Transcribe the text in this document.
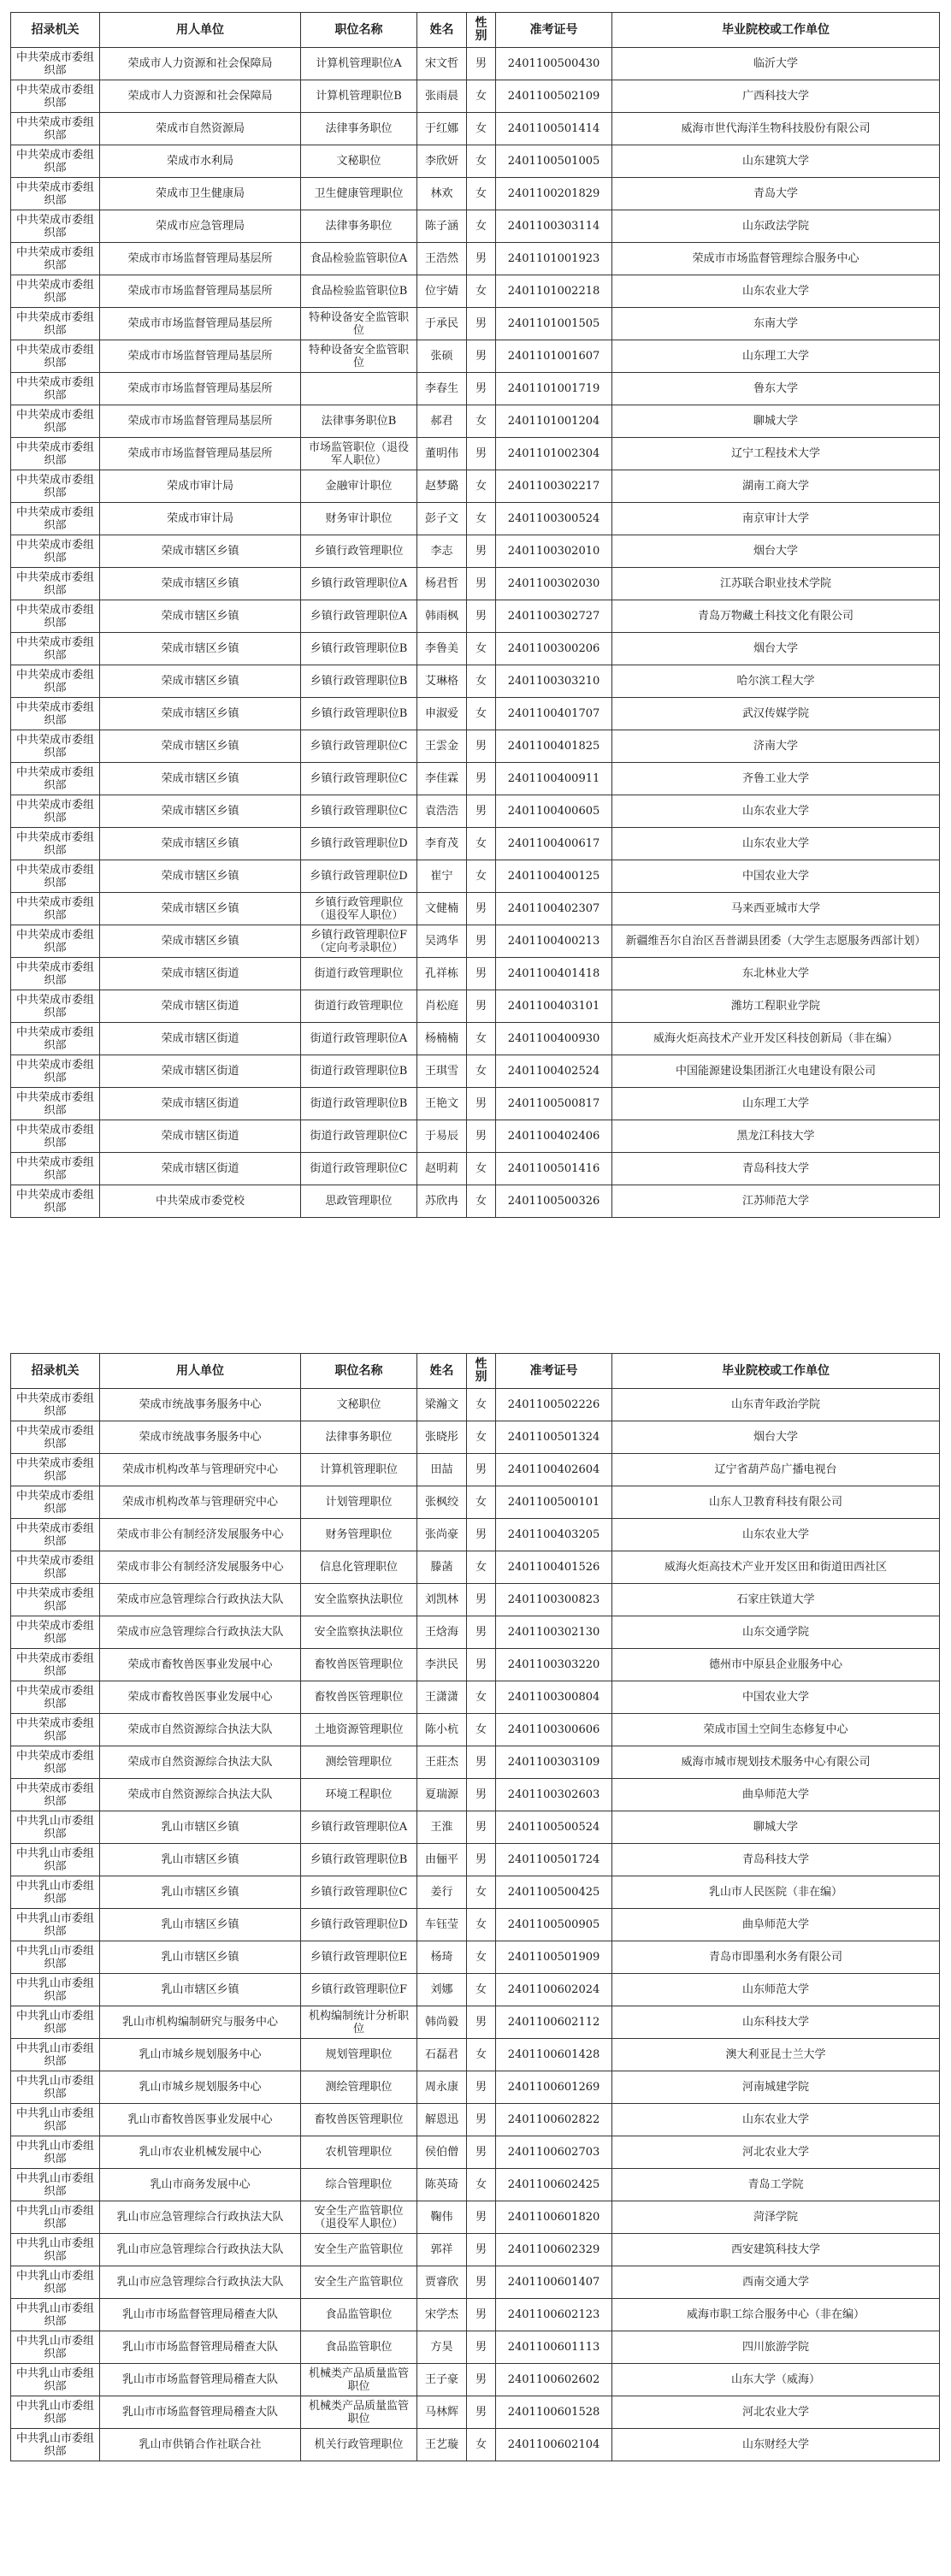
招录机关	用人单位	职位名称	姓名	性别	准考证号	毕业院校或工作单位
中共荣成市委组织部	荣成市人力资源和社会保障局	计算机管理职位A	宋文哲	男	2401100500430	临沂大学
中共荣成市委组织部	荣成市人力资源和社会保障局	计算机管理职位B	张雨晨	女	2401100502109	广西科技大学
中共荣成市委组织部	荣成市自然资源局	法律事务职位	于红娜	女	2401100501414	威海市世代海洋生物科技股份有限公司
中共荣成市委组织部	荣成市水利局	文秘职位	李欣妍	女	2401100501005	山东建筑大学
中共荣成市委组织部	荣成市卫生健康局	卫生健康管理职位	林欢	女	2401100201829	青岛大学
中共荣成市委组织部	荣成市应急管理局	法律事务职位	陈子涵	女	2401100303114	山东政法学院
中共荣成市委组织部	荣成市市场监督管理局基层所	食品检验监管职位A	王浩然	男	2401101001923	荣成市市场监督管理综合服务中心
中共荣成市委组织部	荣成市市场监督管理局基层所	食品检验监管职位B	位宇婧	女	2401101002218	山东农业大学
中共荣成市委组织部	荣成市市场监督管理局基层所	特种设备安全监管职位	于承民	男	2401101001505	东南大学
中共荣成市委组织部	荣成市市场监督管理局基层所	特种设备安全监管职位	张硕	男	2401101001607	山东理工大学
中共荣成市委组织部	荣成市市场监督管理局基层所		李春生	男	2401101001719	鲁东大学
中共荣成市委组织部	荣成市市场监督管理局基层所	法律事务职位B	郝君	女	2401101001204	聊城大学
中共荣成市委组织部	荣成市市场监督管理局基层所	市场监管职位（退役军人职位）	董明伟	男	2401101002304	辽宁工程技术大学
中共荣成市委组织部	荣成市审计局	金融审计职位	赵梦璐	女	2401100302217	湖南工商大学
中共荣成市委组织部	荣成市审计局	财务审计职位	彭子文	女	2401100300524	南京审计大学
中共荣成市委组织部	荣成市辖区乡镇	乡镇行政管理职位	李志	男	2401100302010	烟台大学
中共荣成市委组织部	荣成市辖区乡镇	乡镇行政管理职位A	杨君哲	男	2401100302030	江苏联合职业技术学院
中共荣成市委组织部	荣成市辖区乡镇	乡镇行政管理职位A	韩雨枫	男	2401100302727	青岛万物藏土科技文化有限公司
中共荣成市委组织部	荣成市辖区乡镇	乡镇行政管理职位B	李鲁美	女	2401100300206	烟台大学
中共荣成市委组织部	荣成市辖区乡镇	乡镇行政管理职位B	艾琳格	女	2401100303210	哈尔滨工程大学
中共荣成市委组织部	荣成市辖区乡镇	乡镇行政管理职位B	申淑爱	女	2401100401707	武汉传媒学院
中共荣成市委组织部	荣成市辖区乡镇	乡镇行政管理职位C	王雲金	男	2401100401825	济南大学
中共荣成市委组织部	荣成市辖区乡镇	乡镇行政管理职位C	李佳霖	男	2401100400911	齐鲁工业大学
中共荣成市委组织部	荣成市辖区乡镇	乡镇行政管理职位C	袁浩浩	男	2401100400605	山东农业大学
中共荣成市委组织部	荣成市辖区乡镇	乡镇行政管理职位D	李育茂	女	2401100400617	山东农业大学
中共荣成市委组织部	荣成市辖区乡镇	乡镇行政管理职位D	崔宁	女	2401100400125	中国农业大学
中共荣成市委组织部	荣成市辖区乡镇	乡镇行政管理职位（退役军人职位）	文健楠	男	2401100402307	马来西亚城市大学
中共荣成市委组织部	荣成市辖区乡镇	乡镇行政管理职位F（定向考录职位）	吴鸿华	男	2401100400213	新疆维吾尔自治区吾普湖县团委（大学生志愿服务西部计划）
中共荣成市委组织部	荣成市辖区街道	街道行政管理职位	孔祥栋	男	2401100401418	东北林业大学
中共荣成市委组织部	荣成市辖区街道	街道行政管理职位	肖松庭	男	2401100403101	潍坊工程职业学院
中共荣成市委组织部	荣成市辖区街道	街道行政管理职位A	杨楠楠	女	2401100400930	威海火炬高技术产业开发区科技创新局（非在编）
中共荣成市委组织部	荣成市辖区街道	街道行政管理职位B	王琪雪	女	2401100402524	中国能源建设集团浙江火电建设有限公司
中共荣成市委组织部	荣成市辖区街道	街道行政管理职位B	王艳文	男	2401100500817	山东理工大学
中共荣成市委组织部	荣成市辖区街道	街道行政管理职位C	于易辰	男	2401100402406	黑龙江科技大学
中共荣成市委组织部	荣成市辖区街道	街道行政管理职位C	赵明莉	女	2401100501416	青岛科技大学
中共荣成市委组织部	中共荣成市委党校	思政管理职位	苏欣冉	女	2401100500326	江苏师范大学
招录机关	用人单位	职位名称	姓名	性别	准考证号	毕业院校或工作单位
中共荣成市委组织部	荣成市统战事务服务中心	文秘职位	梁瀚文	女	2401100502226	山东青年政治学院
中共荣成市委组织部	荣成市统战事务服务中心	法律事务职位	张晓彤	女	2401100501324	烟台大学
中共荣成市委组织部	荣成市机构改革与管理研究中心	计算机管理职位	田喆	男	2401100402604	辽宁省葫芦岛广播电视台
中共荣成市委组织部	荣成市机构改革与管理研究中心	计划管理职位	张枫绞	女	2401100500101	山东人卫教育科技有限公司
中共荣成市委组织部	荣成市非公有制经济发展服务中心	财务管理职位	张尚豪	男	2401100403205	山东农业大学
中共荣成市委组织部	荣成市非公有制经济发展服务中心	信息化管理职位	滕菡	女	2401100401526	威海火炬高技术产业开发区田和街道田西社区
中共荣成市委组织部	荣成市应急管理综合行政执法大队	安全监察执法职位	刘凯林	男	2401100300823	石家庄铁道大学
中共荣成市委组织部	荣成市应急管理综合行政执法大队	安全监察执法职位	王焓海	男	2401100302130	山东交通学院
中共荣成市委组织部	荣成市畜牧兽医事业发展中心	畜牧兽医管理职位	李洪民	男	2401100303220	德州市中原县企业服务中心
中共荣成市委组织部	荣成市畜牧兽医事业发展中心	畜牧兽医管理职位	王潇潇	女	2401100300804	中国农业大学
中共荣成市委组织部	荣成市自然资源综合执法大队	土地资源管理职位	陈小杭	女	2401100300606	荣成市国土空间生态修复中心
中共荣成市委组织部	荣成市自然资源综合执法大队	测绘管理职位	王莊杰	男	2401100303109	威海市城市规划技术服务中心有限公司
中共荣成市委组织部	荣成市自然资源综合执法大队	环境工程职位	夏瑞源	男	2401100302603	曲阜师范大学
中共乳山市委组织部	乳山市辖区乡镇	乡镇行政管理职位A	王淮	男	2401100500524	聊城大学
中共乳山市委组织部	乳山市辖区乡镇	乡镇行政管理职位B	由俪平	男	2401100501724	青岛科技大学
中共乳山市委组织部	乳山市辖区乡镇	乡镇行政管理职位C	姜行	女	2401100500425	乳山市人民医院（非在编）
中共乳山市委组织部	乳山市辖区乡镇	乡镇行政管理职位D	车钰莹	女	2401100500905	曲阜师范大学
中共乳山市委组织部	乳山市辖区乡镇	乡镇行政管理职位E	杨琦	女	2401100501909	青岛市即墨利水务有限公司
中共乳山市委组织部	乳山市辖区乡镇	乡镇行政管理职位F	刘娜	女	2401100602024	山东师范大学
中共乳山市委组织部	乳山市机构编制研究与服务中心	机构编制统计分析职位	韩尚毅	男	2401100602112	山东科技大学
中共乳山市委组织部	乳山市城乡规划服务中心	规划管理职位	石磊君	女	2401100601428	澳大利亚昆士兰大学
中共乳山市委组织部	乳山市城乡规划服务中心	测绘管理职位	周永康	男	2401100601269	河南城建学院
中共乳山市委组织部	乳山市畜牧兽医事业发展中心	畜牧兽医管理职位	解恩迅	男	2401100602822	山东农业大学
中共乳山市委组织部	乳山市农业机械发展中心	农机管理职位	侯伯僧	男	2401100602703	河北农业大学
中共乳山市委组织部	乳山市商务发展中心	综合管理职位	陈英琦	女	2401100602425	青岛工学院
中共乳山市委组织部	乳山市应急管理综合行政执法大队	安全生产监管职位（退役军人职位）	鞠伟	男	2401100601820	菏泽学院
中共乳山市委组织部	乳山市应急管理综合行政执法大队	安全生产监管职位	郭祥	男	2401100602329	西安建筑科技大学
中共乳山市委组织部	乳山市应急管理综合行政执法大队	安全生产监管职位	贾睿欣	男	2401100601407	西南交通大学
中共乳山市委组织部	乳山市市场监督管理局稽查大队	食品监管职位	宋学杰	男	2401100602123	威海市职工综合服务中心（非在编）
中共乳山市委组织部	乳山市市场监督管理局稽查大队	食品监管职位	方昊	男	2401100601113	四川旅游学院
中共乳山市委组织部	乳山市市场监督管理局稽查大队	机械类产品质量监管职位	王子豪	男	2401100602602	山东大学（威海）
中共乳山市委组织部	乳山市市场监督管理局稽查大队	机械类产品质量监管职位	马林辉	男	2401100601528	河北农业大学
中共乳山市委组织部	乳山市供销合作社联合社	机关行政管理职位	王艺璇	女	2401100602104	山东财经大学
